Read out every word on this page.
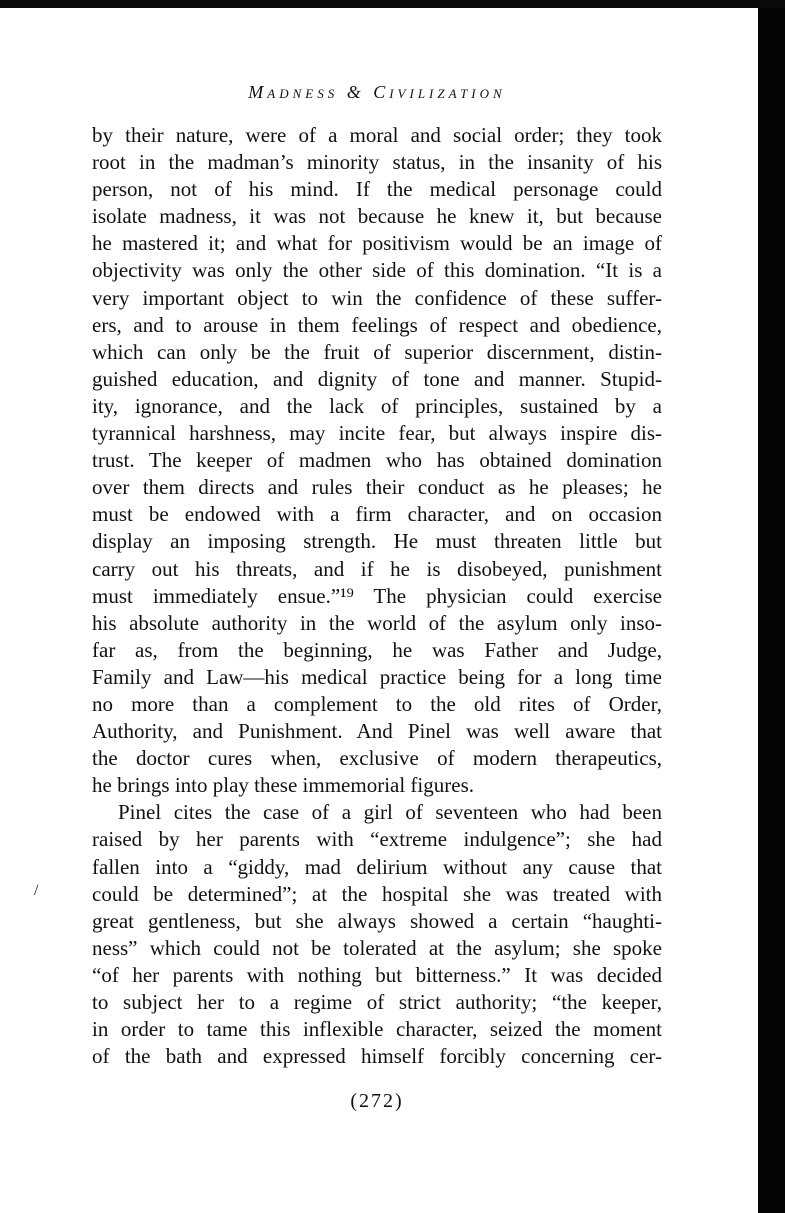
Madness & Civilization
by their nature, were of a moral and social order; they took
root in the madman’s minority status, in the insanity of his
person, not of his mind. If the medical personage could
isolate madness, it was not because he knew it, but because
he mastered it; and what for positivism would be an image of
objectivity was only the other side of this domination. “It is a
very important object to win the confidence of these suffer-
ers, and to arouse in them feelings of respect and obedience,
which can only be the fruit of superior discernment, distin-
guished education, and dignity of tone and manner. Stupid-
ity, ignorance, and the lack of principles, sustained by a
tyrannical harshness, may incite fear, but always inspire dis-
trust. The keeper of madmen who has obtained domination
over them directs and rules their conduct as he pleases; he
must be endowed with a firm character, and on occasion
display an imposing strength. He must threaten little but
carry out his threats, and if he is disobeyed, punishment
must immediately ensue.”¹⁹ The physician could exercise
his absolute authority in the world of the asylum only inso-
far as, from the beginning, he was Father and Judge,
Family and Law—his medical practice being for a long time
no more than a complement to the old rites of Order,
Authority, and Punishment. And Pinel was well aware that
the doctor cures when, exclusive of modern therapeutics,
he brings into play these immemorial figures.
Pinel cites the case of a girl of seventeen who had been
raised by her parents with “extreme indulgence”; she had
fallen into a “giddy, mad delirium without any cause that
could be determined”; at the hospital she was treated with
great gentleness, but she always showed a certain “haughti-
ness” which could not be tolerated at the asylum; she spoke
“of her parents with nothing but bitterness.” It was decided
to subject her to a regime of strict authority; “the keeper,
in order to tame this inflexible character, seized the moment
of the bath and expressed himself forcibly concerning cer-
/
(272)
